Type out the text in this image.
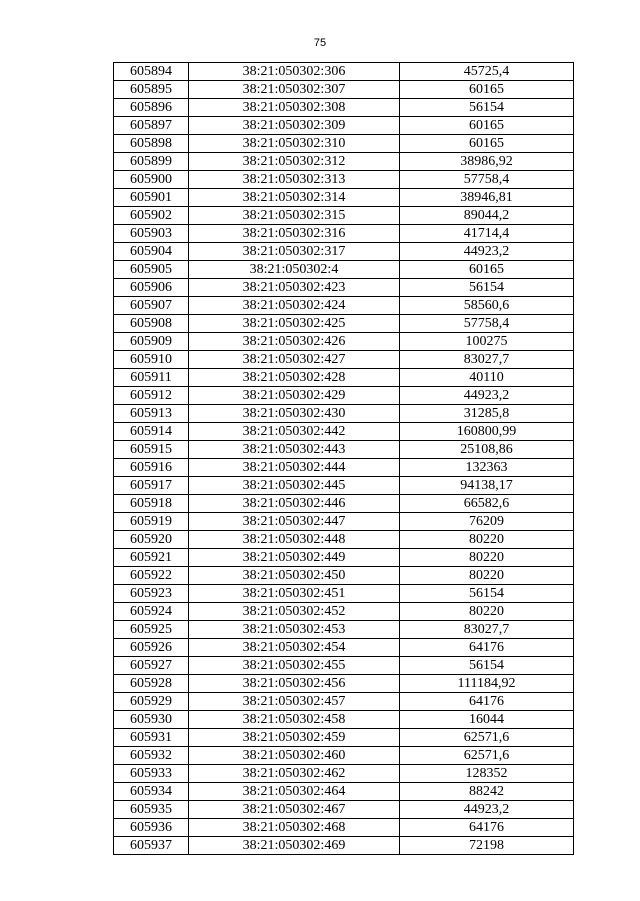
75
605894	38:21:050302:306	45725,4
605895	38:21:050302:307	60165
605896	38:21:050302:308	56154
605897	38:21:050302:309	60165
605898	38:21:050302:310	60165
605899	38:21:050302:312	38986,92
605900	38:21:050302:313	57758,4
605901	38:21:050302:314	38946,81
605902	38:21:050302:315	89044,2
605903	38:21:050302:316	41714,4
605904	38:21:050302:317	44923,2
605905	38:21:050302:4	60165
605906	38:21:050302:423	56154
605907	38:21:050302:424	58560,6
605908	38:21:050302:425	57758,4
605909	38:21:050302:426	100275
605910	38:21:050302:427	83027,7
605911	38:21:050302:428	40110
605912	38:21:050302:429	44923,2
605913	38:21:050302:430	31285,8
605914	38:21:050302:442	160800,99
605915	38:21:050302:443	25108,86
605916	38:21:050302:444	132363
605917	38:21:050302:445	94138,17
605918	38:21:050302:446	66582,6
605919	38:21:050302:447	76209
605920	38:21:050302:448	80220
605921	38:21:050302:449	80220
605922	38:21:050302:450	80220
605923	38:21:050302:451	56154
605924	38:21:050302:452	80220
605925	38:21:050302:453	83027,7
605926	38:21:050302:454	64176
605927	38:21:050302:455	56154
605928	38:21:050302:456	111184,92
605929	38:21:050302:457	64176
605930	38:21:050302:458	16044
605931	38:21:050302:459	62571,6
605932	38:21:050302:460	62571,6
605933	38:21:050302:462	128352
605934	38:21:050302:464	88242
605935	38:21:050302:467	44923,2
605936	38:21:050302:468	64176
605937	38:21:050302:469	72198
